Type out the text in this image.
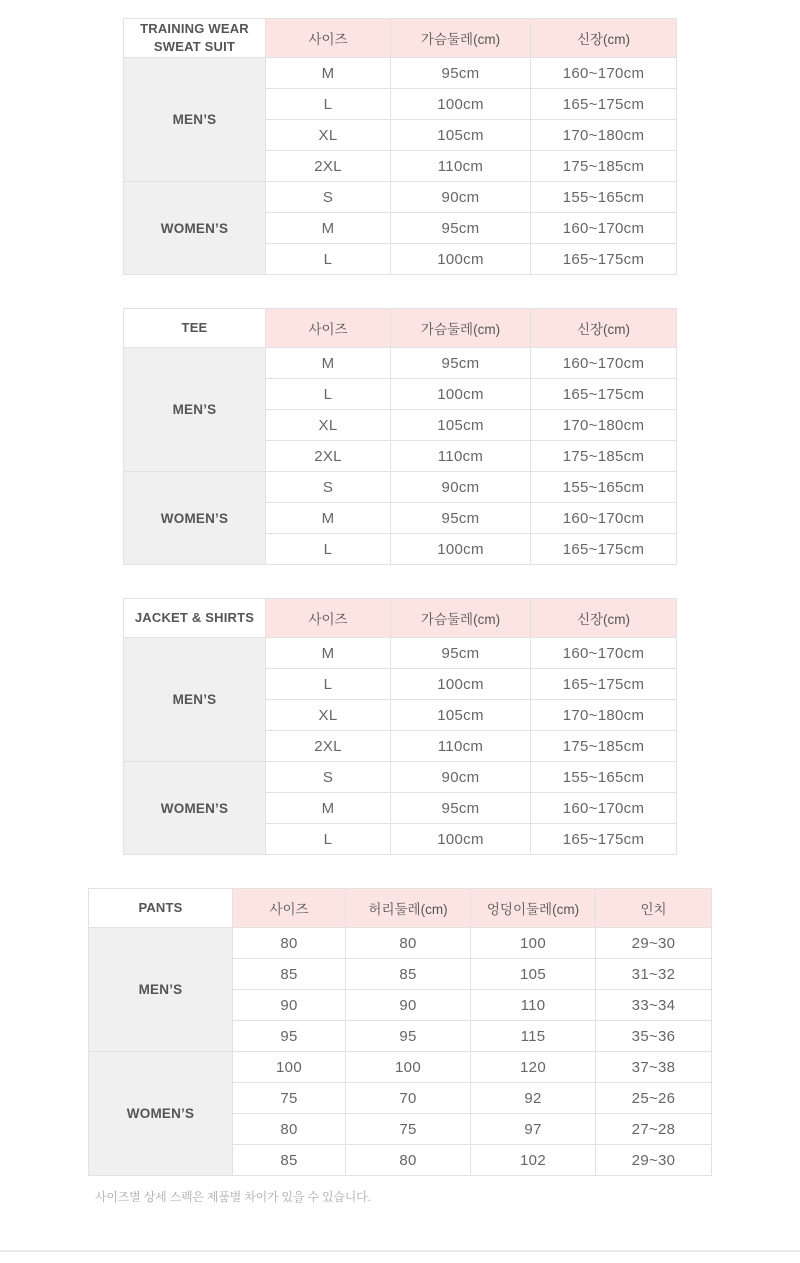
TRAINING WEAR SWEAT SUIT	사이즈	가슴둘레(cm)	신장(cm)
MEN’S	M	95cm	160~170cm
	L	100cm	165~175cm
	XL	105cm	170~180cm
	2XL	110cm	175~185cm
WOMEN’S	S	90cm	155~165cm
	M	95cm	160~170cm
	L	100cm	165~175cm
TEE	사이즈	가슴둘레(cm)	신장(cm)
MEN’S	M	95cm	160~170cm
	L	100cm	165~175cm
	XL	105cm	170~180cm
	2XL	110cm	175~185cm
WOMEN’S	S	90cm	155~165cm
	M	95cm	160~170cm
	L	100cm	165~175cm
JACKET & SHIRTS	사이즈	가슴둘레(cm)	신장(cm)
MEN’S	M	95cm	160~170cm
	L	100cm	165~175cm
	XL	105cm	170~180cm
	2XL	110cm	175~185cm
WOMEN’S	S	90cm	155~165cm
	M	95cm	160~170cm
	L	100cm	165~175cm
PANTS	사이즈	허리둘레(cm)	엉덩이둘레(cm)	인치
MEN’S	80	80	100	29~30
	85	85	105	31~32
	90	90	110	33~34
	95	95	115	35~36
WOMEN’S	100	100	120	37~38
	75	70	92	25~26
	80	75	97	27~28
	85	80	102	29~30

사이즈별 상세 스펙은 제품별 차이가 있을 수 있습니다.
